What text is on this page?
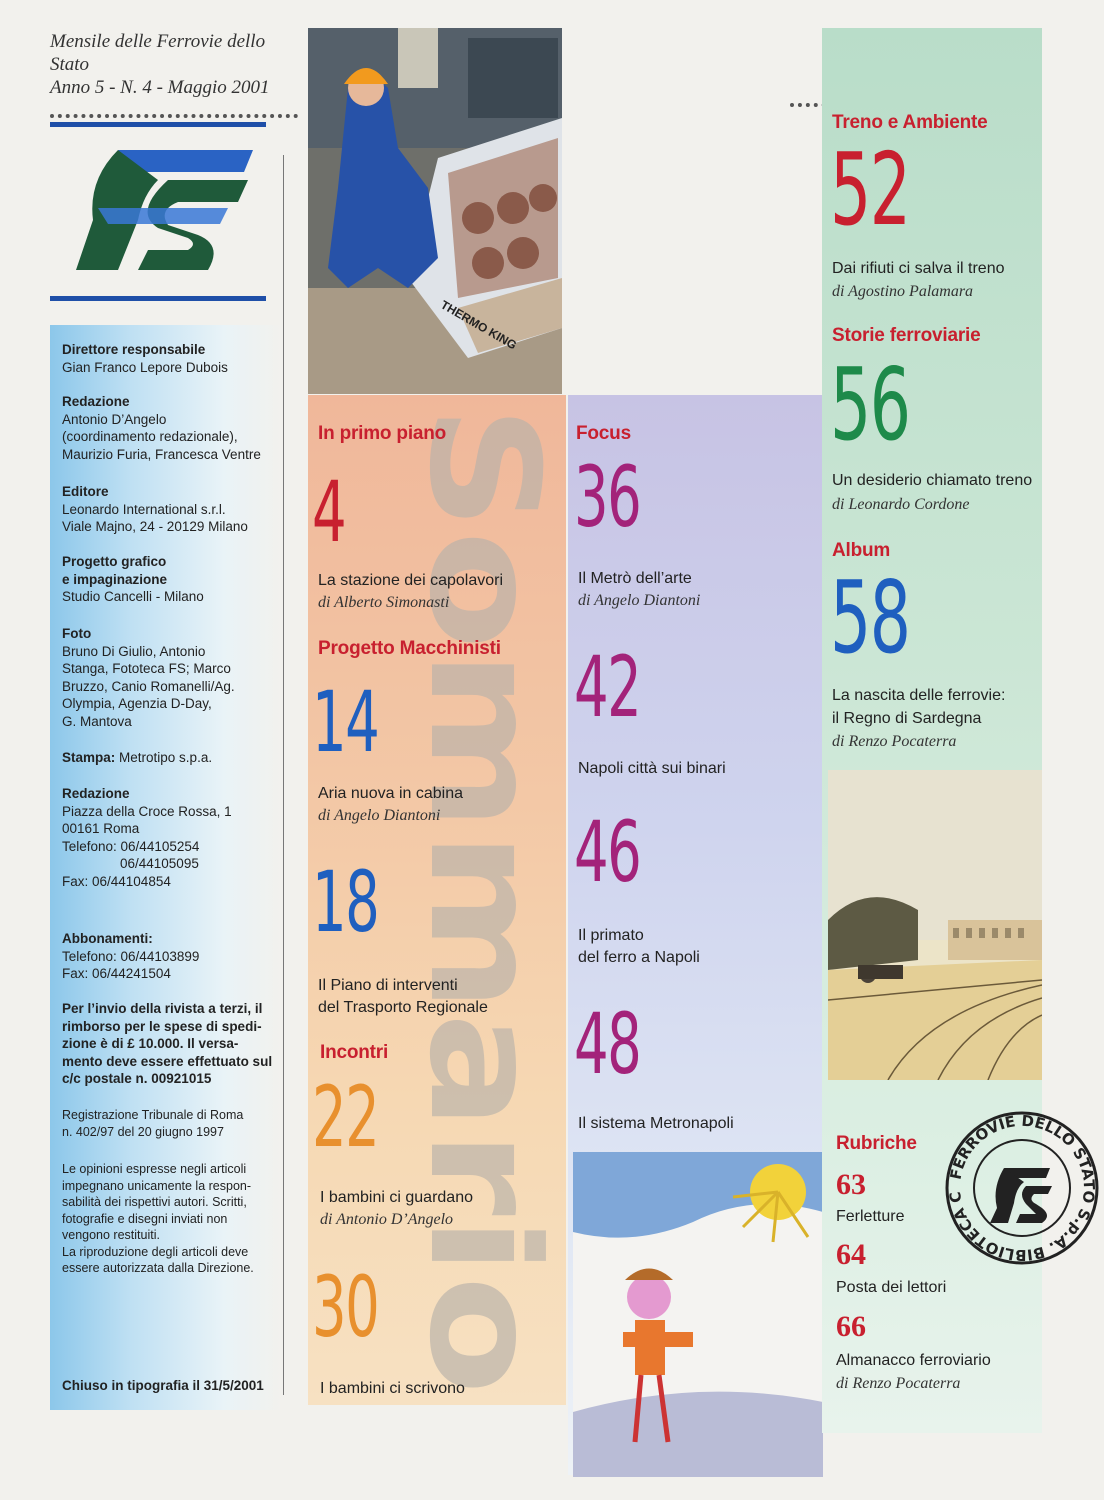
Mensile delle Ferrovie dello Stato
Anno 5 - N. 4 - Maggio 2001
Direttore responsabile
Gian Franco Lepore Dubois
Redazione
Antonio D’Angelo
(coordinamento redazionale),
Maurizio Furia, Francesca Ventre
Editore
Leonardo International s.r.l.
Viale Majno, 24 - 20129 Milano
Progetto grafico
e impaginazione
Studio Cancelli - Milano
Foto
Bruno Di Giulio, Antonio
Stanga, Fototeca FS; Marco
Bruzzo, Canio Romanelli/Ag.
Olympia, Agenzia D-Day,
G. Mantova
Stampa: Metrotipo s.p.a.
Redazione
Piazza della Croce Rossa, 1
00161 Roma
Telefono: 06/44105254
06/44105095
Fax: 06/44104854
Abbonamenti:
Telefono: 06/44103899
Fax: 06/44241504
Per l’invio della rivista a terzi, il
rimborso per le spese di spedi-
zione è di £ 10.000. Il versa-
mento deve essere effettuato sul
c/c postale n. 00921015
Registrazione Tribunale di Roma
n. 402/97 del 20 giugno 1997
Le opinioni espresse negli articoli
impegnano unicamente la respon-
sabilità dei rispettivi autori. Scritti,
fotografie e disegni inviati non
vengono restituiti.
La riproduzione degli articoli deve
essere autorizzata dalla Direzione.
Chiuso in tipografia il 31/5/2001
THERMO KING
Sommario
In primo piano
4
La stazione dei capolavori
di Alberto Simonasti
Progetto Macchinisti
14
Aria nuova in cabina
di Angelo Diantoni
18
Il Piano di interventi
del Trasporto Regionale
Incontri
22
I bambini ci guardano
di Antonio D’Angelo
30
I bambini ci scrivono
Focus
36
Il Metrò dell’arte
di Angelo Diantoni
42
Napoli città sui binari
46
Il primato
del ferro a Napoli
48
Il sistema Metronapoli
Treno e Ambiente
52
Dai rifiuti ci salva il treno
di Agostino Palamara
Storie ferroviarie
56
Un desiderio chiamato treno
di Leonardo Cordone
Album
58
La nascita delle ferrovie:
il Regno di Sardegna
di Renzo Pocaterra
Rubriche
63
Ferletture
64
Posta dei lettori
66
Almanacco ferroviario
di Renzo Pocaterra
FERROVIE DELLO STATO S.p.A. BIBLIOTECA C
